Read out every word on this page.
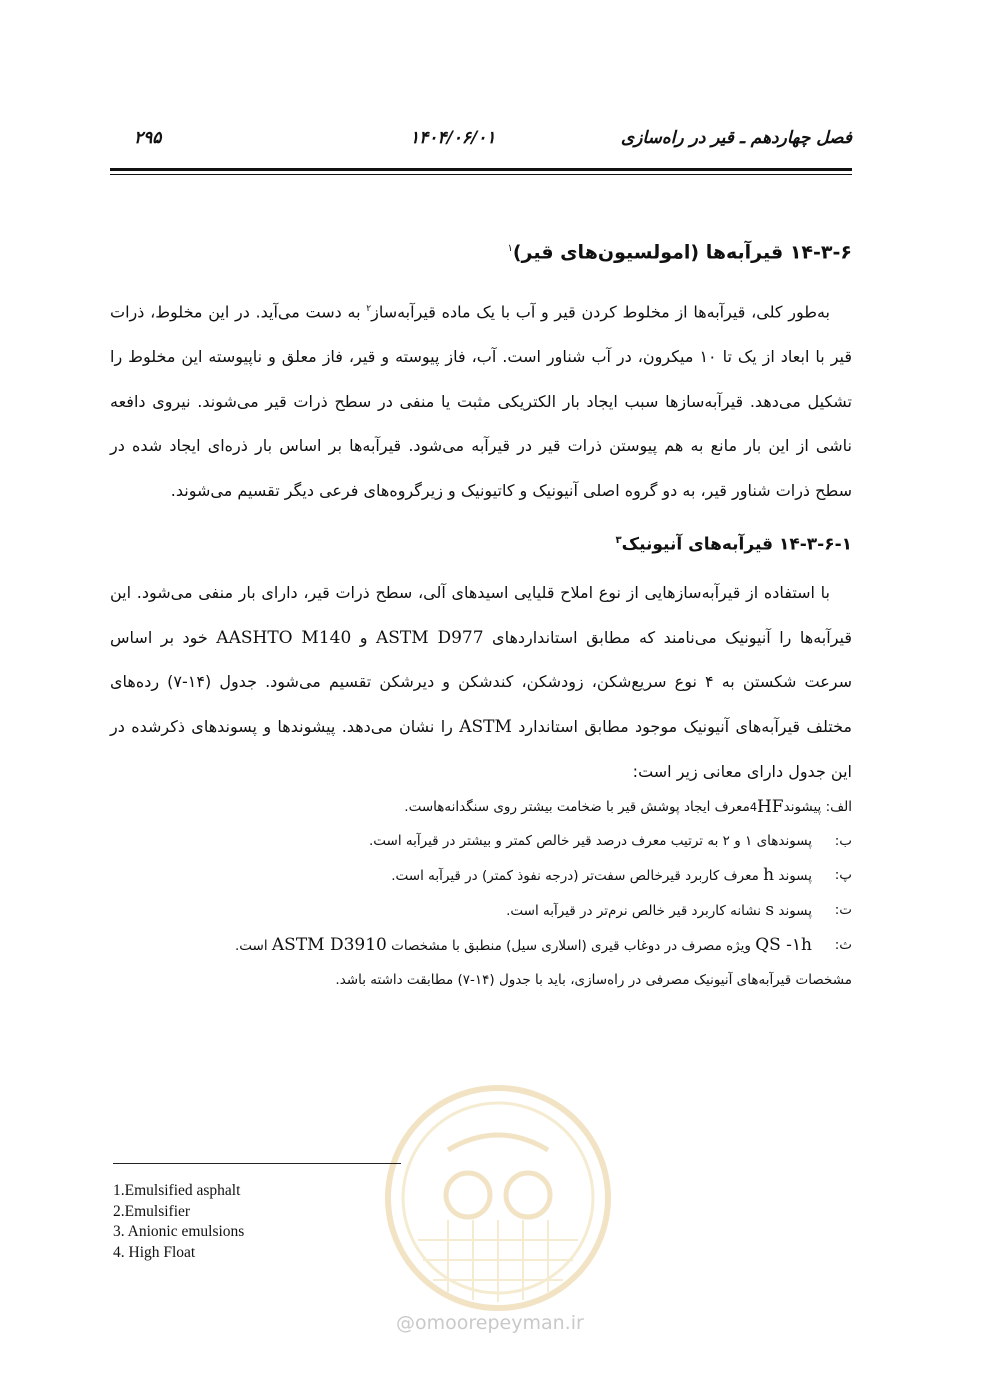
فصل چهاردهم ـ قیر در راه‌سازی
۱۴۰۴/۰۶/۰۱
۲۹۵
۱۴-۳-۶ قیرآبه‌ها (امولسیون‌های قیر)$^۱$

به‌طور کلی، قیرآبه‌ها از مخلوط کردن قیر و آب با یک ماده قیرآبه‌ساز$^۲$ به دست می‌آید. در این مخلوط، ذرات قیر با ابعاد از یک تا ۱۰ میکرون، در آب شناور است. آب، فاز پیوسته و قیر، فاز معلق و ناپیوسته این مخلوط را تشکیل می‌دهد. قیرآبه‌سازها سبب ایجاد بار الکتریکی مثبت یا منفی در سطح ذرات قیر می‌شوند. نیروی دافعه ناشی از این بار مانع به هم پیوستن ذرات قیر در قیرآبه می‌شود. قیرآبه‌ها بر اساس بار ذره‌ای ایجاد شده در سطح ذرات شناور قیر، به دو گروه اصلی آنیونیک و کاتیونیک و زیرگروه‌های فرعی دیگر تقسیم می‌شوند.

۱۴-۳-۶-۱ قیرآبه‌های آنیونیک$^۳$

با استفاده از قیرآبه‌سازهایی از نوع املاح قلیایی اسیدهای آلی، سطح ذرات قیر، دارای بار منفی می‌شود. این قیرآبه‌ها را آنیونیک می‌نامند که مطابق استانداردهای ASTM D977 و AASHTO M140 خود بر اساس سرعت شکستن به ۴ نوع سریع‌شکن، زودشکن، کندشکن و دیرشکن تقسیم می‌شود. جدول (۱۴-۷) رده‌های مختلف قیرآبه‌های آنیونیک موجود مطابق استاندارد ASTM را نشان می‌دهد. پیشوندها و پسوندهای ذکرشده در این جدول دارای معانی زیر است:

الف:

پیشوند
HF
4
معرف ایجاد پوشش قیر با ضخامت بیشتر روی سنگدانه‌هاست.
ب:
پسوندهای ۱ و ۲ به ترتیب معرف درصد قیر خالص کمتر و بیشتر در قیرآبه است.
پ:
پسوند h معرف کاربرد قیرخالص سفت‌تر (درجه نفوذ کمتر) در قیرآبه است.
ت:
پسوند s نشانه کاربرد قیر خالص نرم‌تر در قیرآبه است.
ث:
QS -۱h ویژه مصرف در دوغاب قیری (اسلاری سیل) منطبق با مشخصات ASTM D3910 است.
مشخصات قیرآبه‌های آنیونیک مصرفی در راه‌سازی، باید با جدول (۱۴-۷) مطابقت داشته باشد.
1.Emulsified asphalt
2.Emulsifier
3. Anionic emulsions
4. High Float
@omoorepeyman.ir
